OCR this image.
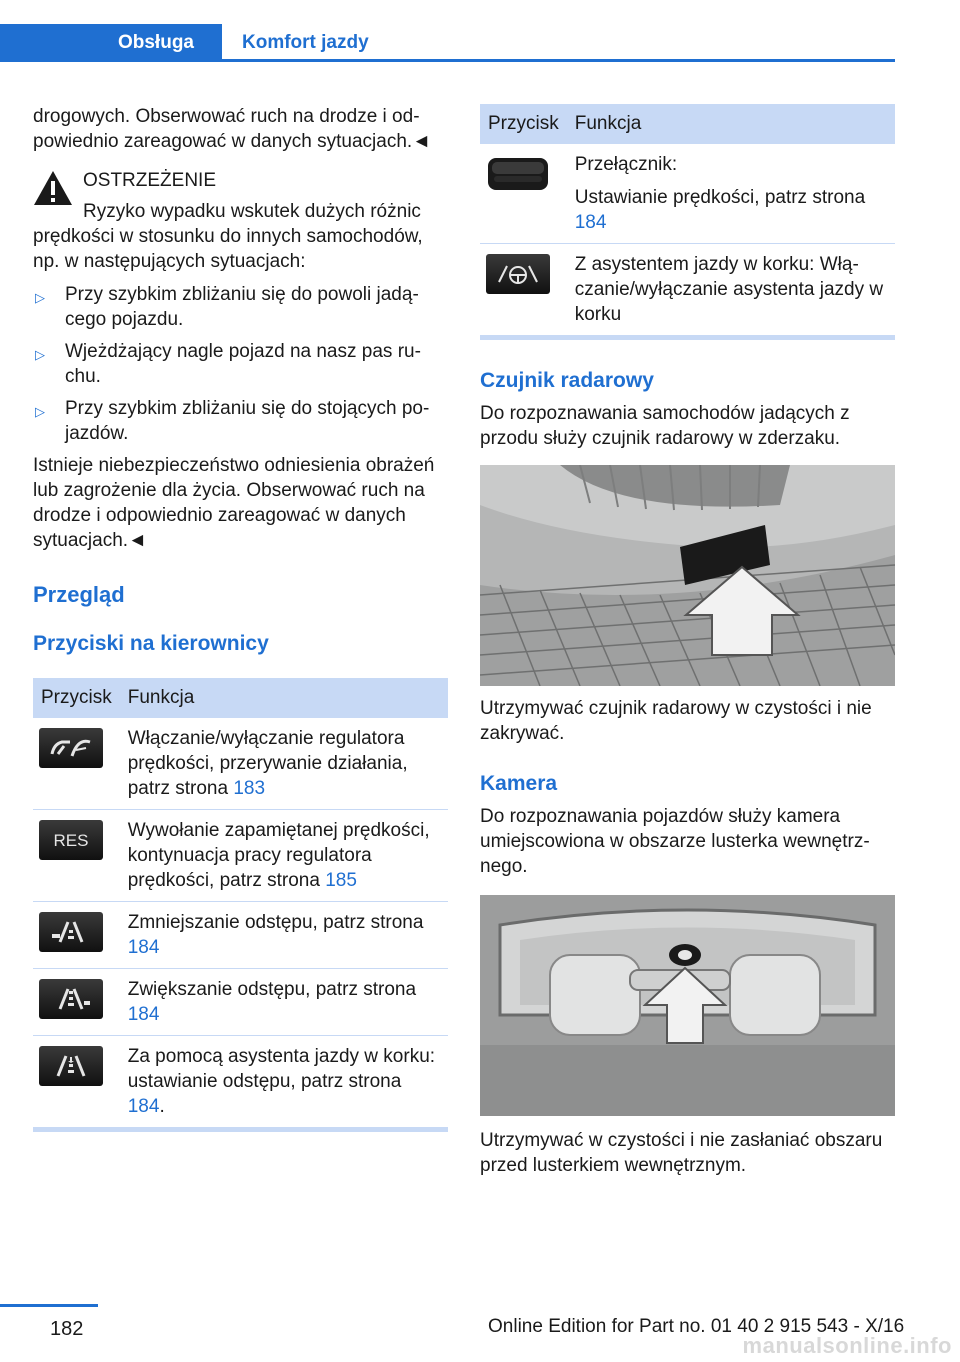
Obsługa	Komfort jazdy
drogowych. Obserwować ruch na drodze i odpowiednio zareagować w danych sytuacjach.◄
OSTRZEŻENIE
Ryzyko wypadku wskutek dużych różnic
prędkości w stosunku do innych samochodów, np. w następujących sytuacjach:
▷ Przy szybkim zbliżaniu się do powoli jadącego pojazdu.
▷ Wjeżdżający nagle pojazd na nasz pas ruchu.
▷ Przy szybkim zbliżaniu się do stojących pojazdów.
Istnieje niebezpieczeństwo odniesienia obrażeń lub zagrożenie dla życia. Obserwować ruch na drodze i odpowiednio zareagować w danych sytuacjach.◄
Przegląd
Przyciski na kierownicy
Przycisk	Funkcja

	Włączanie/wyłączanie regulatora prędkości, przerywanie działania, patrz strona 183

RES	Wywołanie zapamiętanej prędkości, kontynuacja pracy regulatora prędkości, patrz strona 185

	Zmniejszanie odstępu, patrz strona 184

	Zwiększanie odstępu, patrz strona 184

	Za pomocą asystenta jazdy w korku: ustawianie odstępu, patrz strona 184.
Przycisk	Funkcja

Przełącznik:
Ustawianie prędkości, patrz strona 184

	Z asystentem jazdy w korku: Włączanie/wyłączanie asystenta jazdy w korku
Czujnik radarowy
Do rozpoznawania samochodów jadących z przodu służy czujnik radarowy w zderzaku.
Utrzymywać czujnik radarowy w czystości i nie zakrywać.
Kamera
Do rozpoznawania pojazdów służy kamera umiejscowiona w obszarze lusterka wewnętrznego.
Utrzymywać w czystości i nie zasłaniać obszaru przed lusterkiem wewnętrznym.
182	Online Edition for Part no. 01 40 2 915 543 - X/16
manualsonline.info
